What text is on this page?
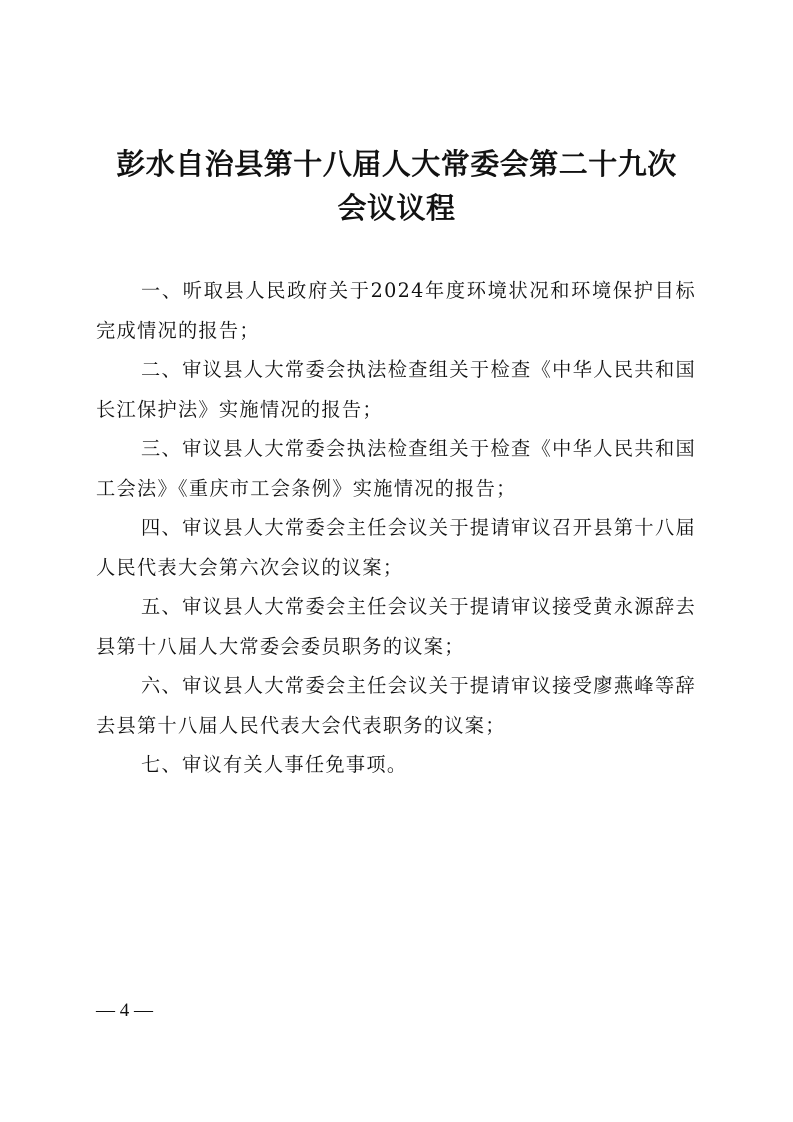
彭水自治县第十八届人大常委会第二十九次
会议议程
一、听取县人民政府关于2024年度环境状况和环境保护目标完成情况的报告；
二、审议县人大常委会执法检查组关于检查《中华人民共和国长江保护法》实施情况的报告；
三、审议县人大常委会执法检查组关于检查《中华人民共和国工会法》《重庆市工会条例》实施情况的报告；
四、审议县人大常委会主任会议关于提请审议召开县第十八届人民代表大会第六次会议的议案；
五、审议县人大常委会主任会议关于提请审议接受黄永源辞去县第十八届人大常委会委员职务的议案；
六、审议县人大常委会主任会议关于提请审议接受廖燕峰等辞去县第十八届人民代表大会代表职务的议案；
七、审议有关人事任免事项。
— 4 —
